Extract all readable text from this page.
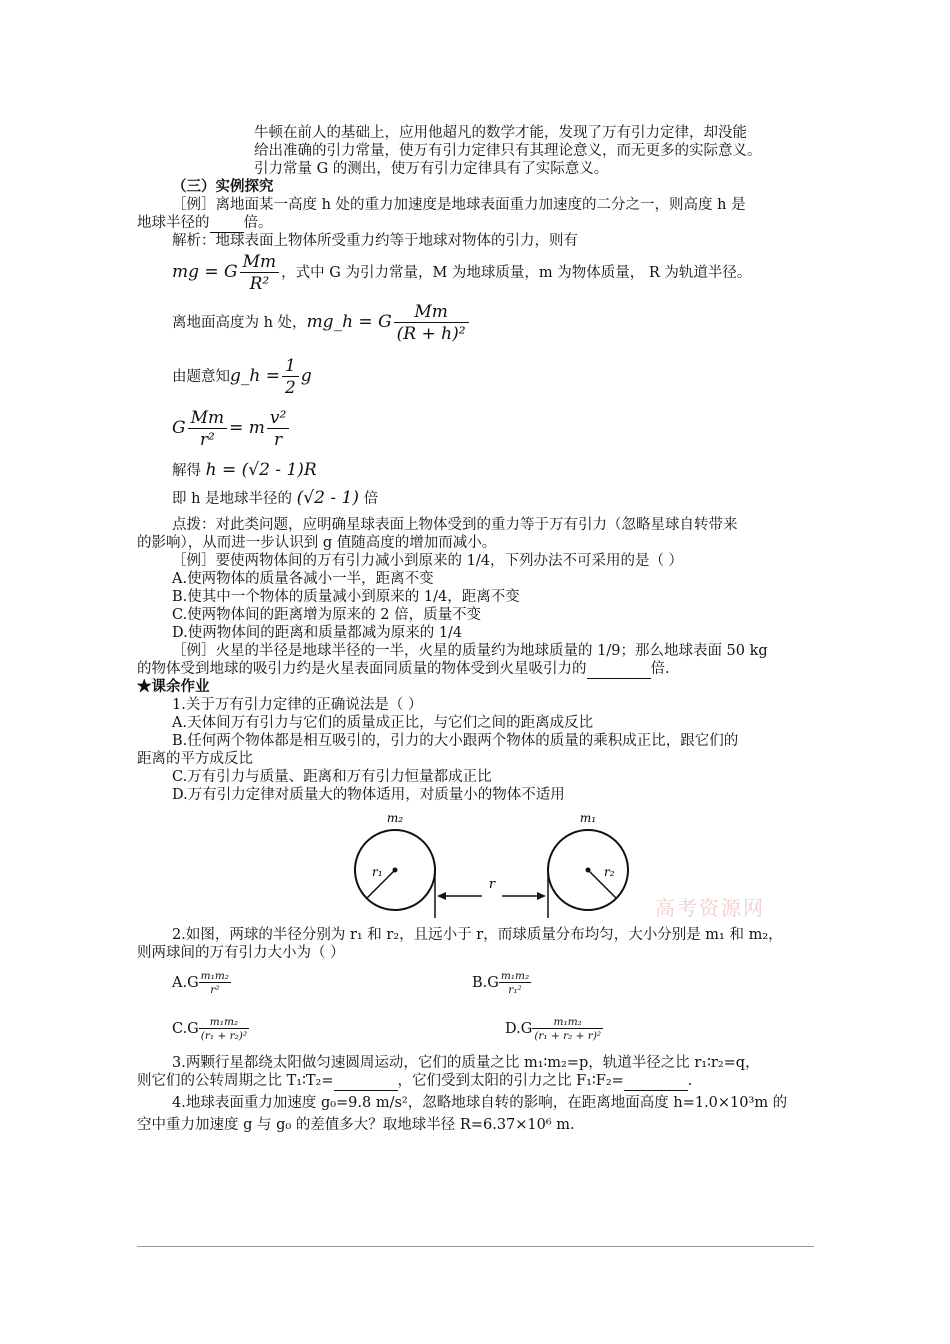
牛顿在前人的基础上，应用他超凡的数学才能，发现了万有引力定律，却没能
给出准确的引力常量，使万有引力定律只有其理论意义，而无更多的实际意义。
引力常量 G 的测出，使万有引力定律具有了实际意义。
（三）实例探究
［例］离地面某一高度 h 处的重力加速度是地球表面重力加速度的二分之一，则高度 h 是
地球半径的 倍。
解析：地球表面上物体所受重力约等于地球对物体的引力，则有
mg = G $\frac{Mm}{\text{R²}}$ ，式中 G 为引力常量，M 为地球质量，m 为物体质量， R 为轨道半径。
离地面高度为 h 处，mg_h = G $\frac{Mm}{\text{(R + h)²}}$
由题意知g_h = $\frac{1}{2}$ g
G $\frac{Mm}{\text{r²}} = m \frac{\text{v²}}{r}$
解得 h = (√2 - 1)R
即 h 是地球半径的 (√2 - 1) 倍
点拨：对此类问题，应明确星球表面上物体受到的重力等于万有引力（忽略星球自转带来
的影响），从而进一步认识到 g 值随高度的增加而减小。
［例］要使两物体间的万有引力减小到原来的 1/4，下列办法不可采用的是（ ）
A.使两物体的质量各减小一半，距离不变
B.使其中一个物体的质量减小到原来的 1/4，距离不变
C.使两物体间的距离增为原来的 2 倍，质量不变
D.使两物体间的距离和质量都减为原来的 1/4
［例］火星的半径是地球半径的一半，火星的质量约为地球质量的 1/9；那么地球表面 50 kg
的物体受到地球的吸引力约是火星表面同质量的物体受到火星吸引力的	倍.
★课余作业
1.关于万有引力定律的正确说法是（ ）
A.天体间万有引力与它们的质量成正比，与它们之间的距离成反比
B.任何两个物体都是相互吸引的，引力的大小跟两个物体的质量的乘积成正比，跟它们的
距离的平方成反比
C.万有引力与质量、距离和万有引力恒量都成正比
D.万有引力定律对质量大的物体适用，对质量小的物体不适用
m₂	m₁
r₁	r₂
r
高考资源网
2.如图，两球的半径分别为 r₁ 和 r₂，且远小于 r，而球质量分布均匀，大小分别是 m₁ 和 m₂，
则两球间的万有引力大小为（ ）
$A.G \frac{\text{m₁m₂}}{\text{r²}}$	$B.G \frac{\text{m₁m₂}}{\text{r₁²}}$
$C.G \frac{\text{m₁m₂}}{\text{(r₁ + r₂)²}}$	$D.G \frac{\text{m₁m₂}}{\text{(r₁ + r₂ + r)²}}$
3.两颗行星都绕太阳做匀速圆周运动，它们的质量之比 m₁∶m₂=p，轨道半径之比 r₁∶r₂=q，
则它们的公转周期之比 T₁∶T₂=	，它们受到太阳的引力之比 F₁∶F₂=	.
4.地球表面重力加速度 g₀=9.8 m/s²，忽略地球自转的影响，在距离地面高度 h=1.0×10³m 的
空中重力加速度 g 与 g₀ 的差值多大？取地球半径 R=6.37×10⁶ m.
